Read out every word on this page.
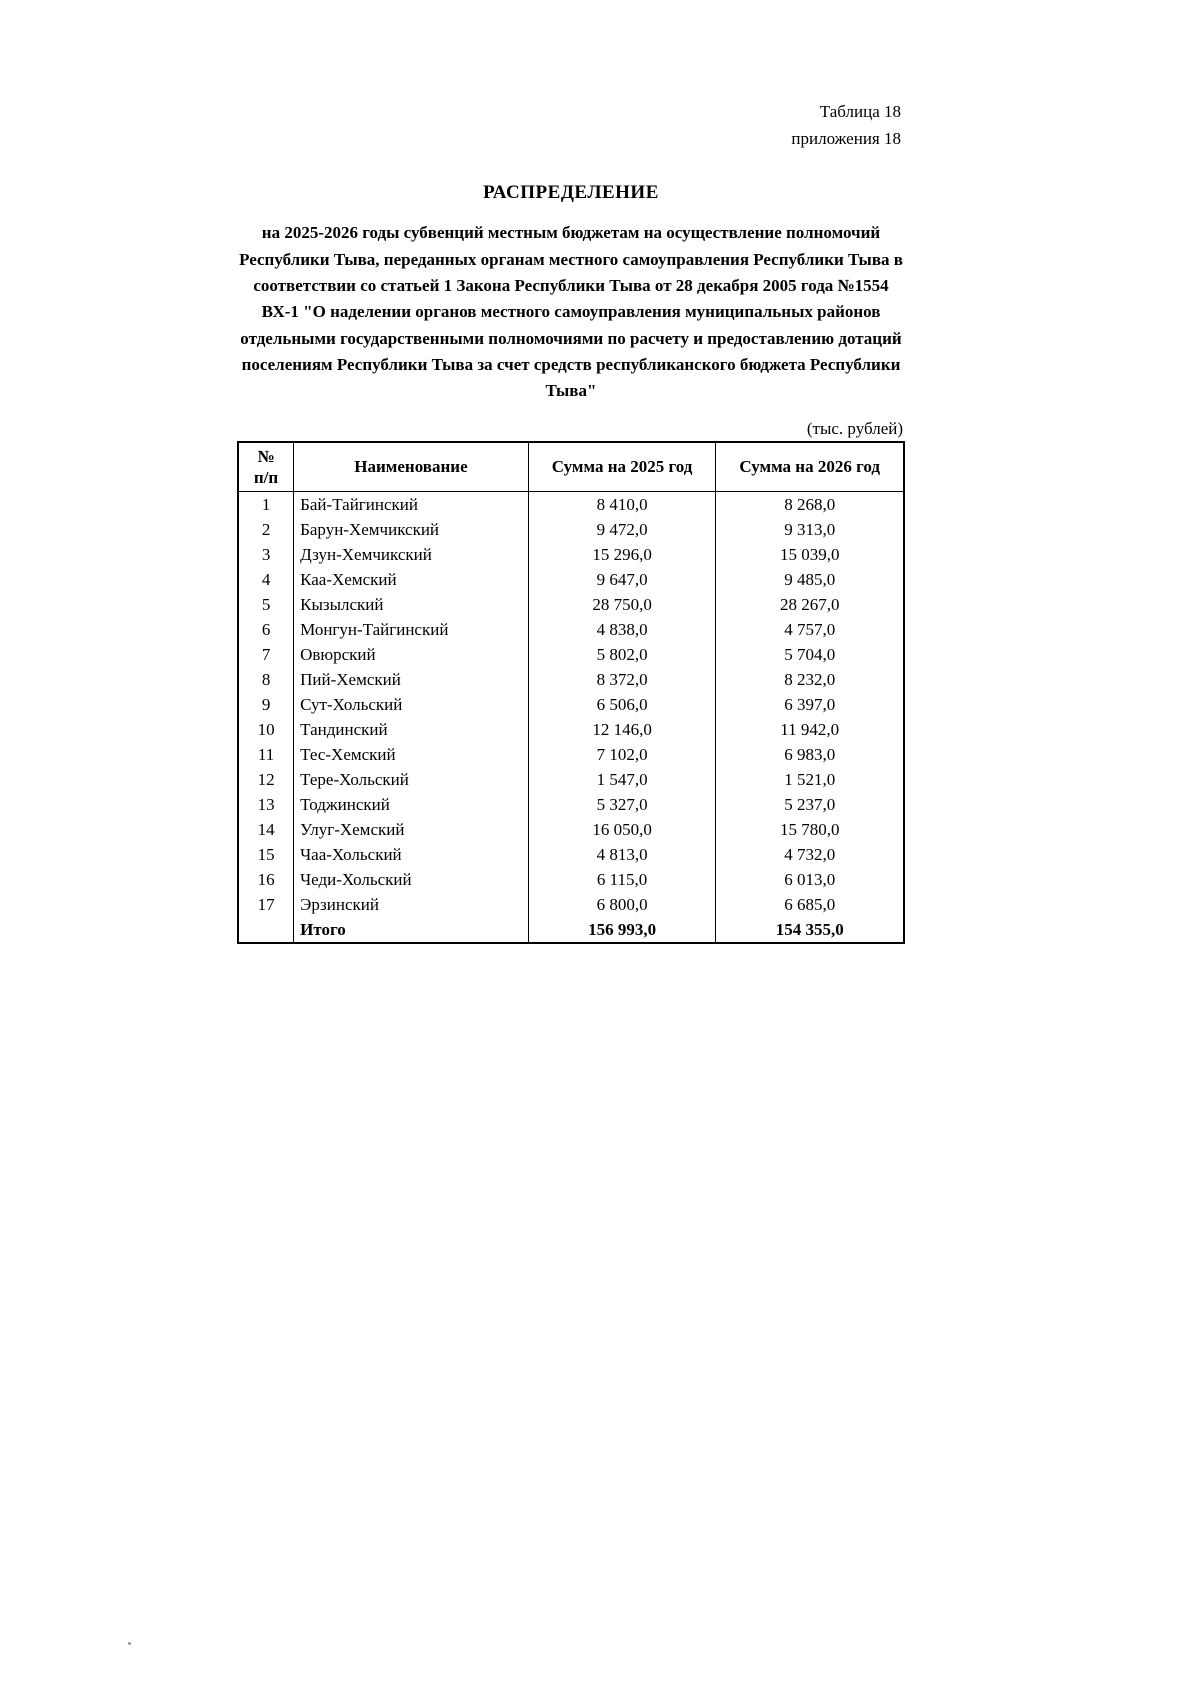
Таблица 18
приложения 18
РАСПРЕДЕЛЕНИЕ

на 2025-2026 годы субвенций местным бюджетам на осуществление полномочий Республики Тыва, переданных органам местного самоуправления Республики Тыва в соответствии со статьей 1 Закона Республики Тыва от 28 декабря 2005 года №1554 ВХ-1 "О наделении органов местного самоуправления муниципальных районов отдельными государственными полномочиями по расчету и предоставлению дотаций поселениям Республики Тыва за счет средств республиканского бюджета Республики Тыва"

(тыс. рублей)
№
п/п	Наименование	Сумма на 2025 год	Сумма на 2026 год
1	Бай-Тайгинский	8 410,0	8 268,0
2	Барун-Хемчикский	9 472,0	9 313,0
3	Дзун-Хемчикский	15 296,0	15 039,0
4	Каа-Хемский	9 647,0	9 485,0
5	Кызылский	28 750,0	28 267,0
6	Монгун-Тайгинский	4 838,0	4 757,0
7	Овюрский	5 802,0	5 704,0
8	Пий-Хемский	8 372,0	8 232,0
9	Сут-Хольский	6 506,0	6 397,0
10	Тандинский	12 146,0	11 942,0
11	Тес-Хемский	7 102,0	6 983,0
12	Тере-Хольский	1 547,0	1 521,0
13	Тоджинский	5 327,0	5 237,0
14	Улуг-Хемский	16 050,0	15 780,0
15	Чаа-Хольский	4 813,0	4 732,0
16	Чеди-Хольский	6 115,0	6 013,0
17	Эрзинский	6 800,0	6 685,0
	Итого	156 993,0	154 355,0
